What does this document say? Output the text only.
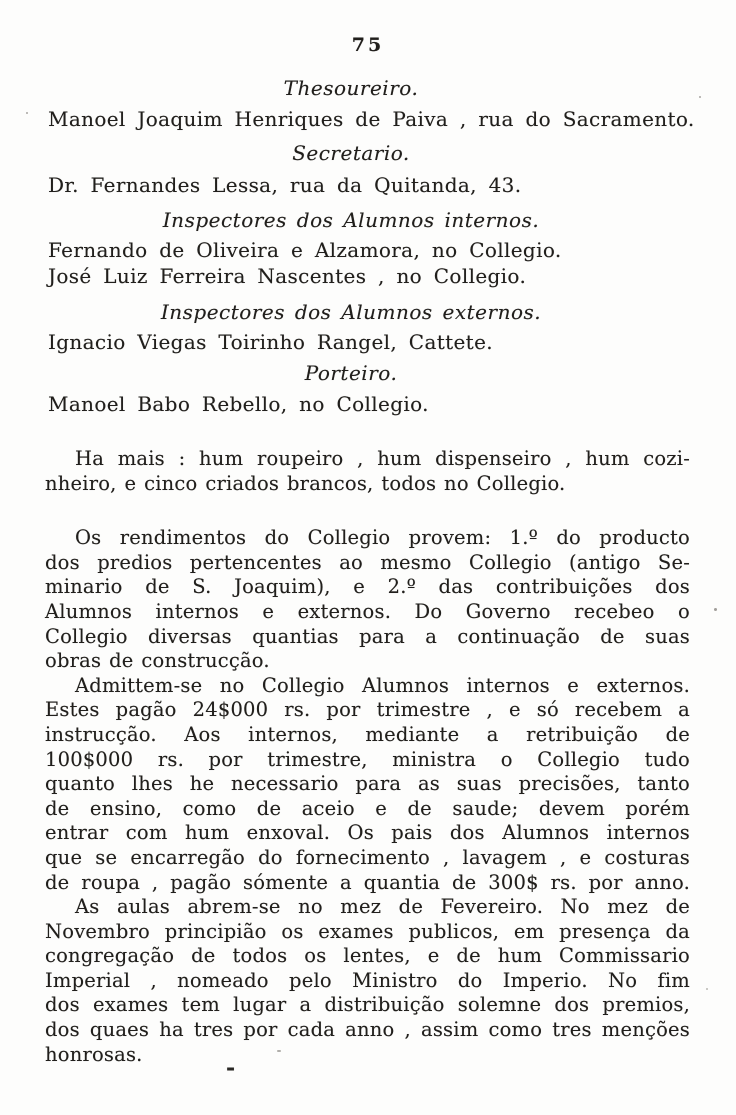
75
Thesoureiro.
Manoel Joaquim Henriques de Paiva , rua do Sacramento.
Secretario.
Dr. Fernandes Lessa, rua da Quitanda, 43.
Inspectores dos Alumnos internos.
Fernando de Oliveira e Alzamora, no Collegio.
José Luiz Ferreira Nascentes , no Collegio.
Inspectores dos Alumnos externos.
Ignacio Viegas Toirinho Rangel, Cattete.
Porteiro.
Manoel Babo Rebello, no Collegio.
Ha mais : hum roupeiro , hum dispenseiro , hum cozi-
nheiro, e cinco criados brancos, todos no Collegio.
Os rendimentos do Collegio provem: 1.º do producto
dos predios pertencentes ao mesmo Collegio (antigo Se-
minario de S. Joaquim), e 2.º das contribuições dos
Alumnos internos e externos. Do Governo recebeo o
Collegio diversas quantias para a continuação de suas
obras de construcção.
Admittem-se no Collegio Alumnos internos e externos.
Estes pagão 24$000 rs. por trimestre , e só recebem a
instrucção. Aos internos, mediante a retribuição de
100$000 rs. por trimestre, ministra o Collegio tudo
quanto lhes he necessario para as suas precisões, tanto
de ensino, como de aceio e de saude; devem porém
entrar com hum enxoval. Os pais dos Alumnos internos
que se encarregão do fornecimento , lavagem , e costuras
de roupa , pagão sómente a quantia de 300$ rs. por anno.
As aulas abrem-se no mez de Fevereiro. No mez de
Novembro principião os exames publicos, em presença da
congregação de todos os lentes, e de hum Commissario
Imperial , nomeado pelo Ministro do Imperio. No fim
dos exames tem lugar a distribuição solemne dos premios,
dos quaes ha tres por cada anno , assim como tres menções
honrosas.
-
